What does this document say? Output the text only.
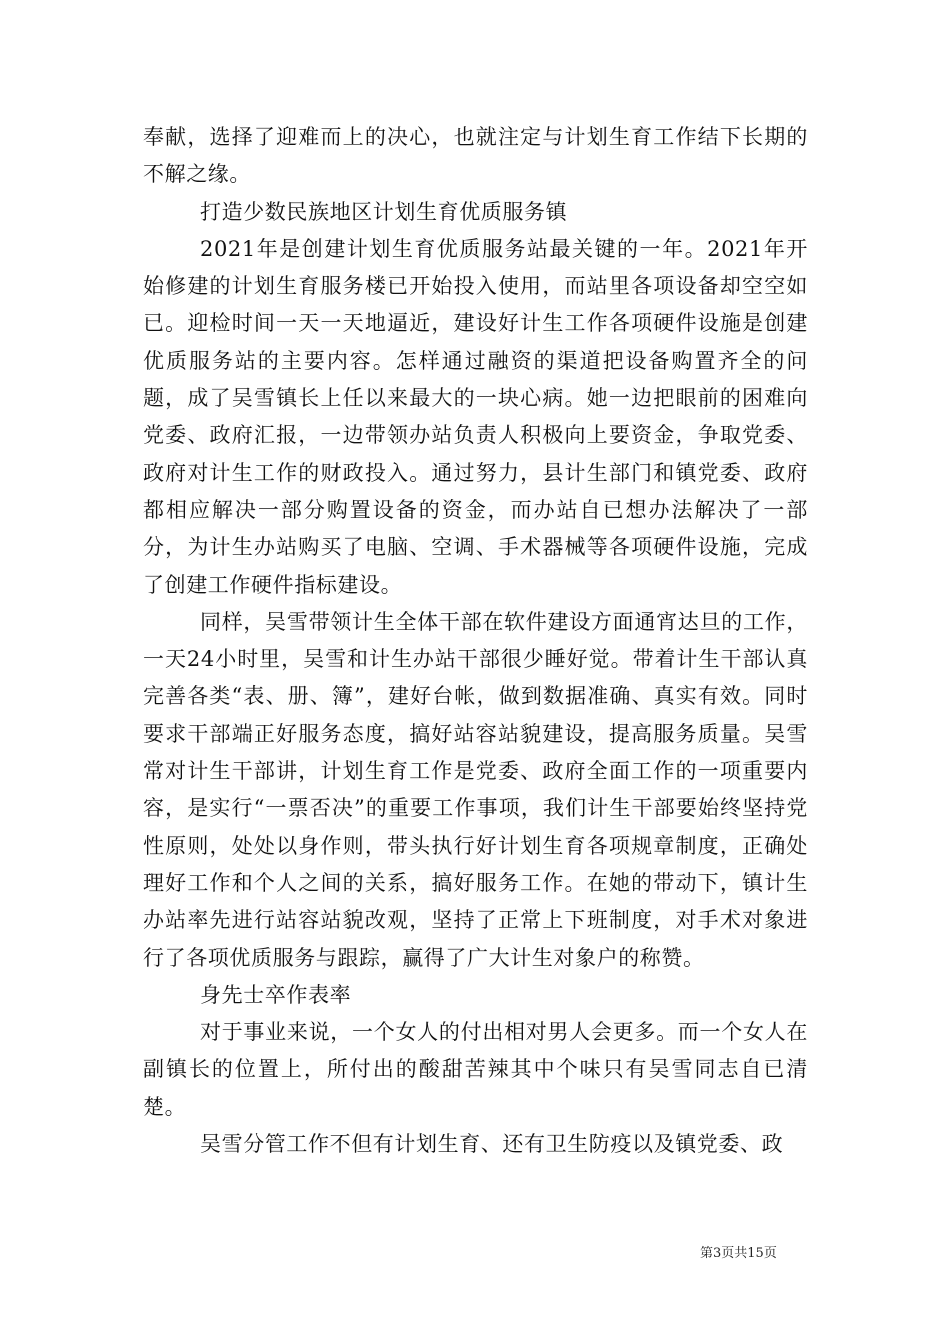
奉献，选择了迎难而上的决心，也就注定与计划生育工作结下长期的不解之缘。

打造少数民族地区计划生育优质服务镇

2021年是创建计划生育优质服务站最关键的一年。2021年开始修建的计划生育服务楼已开始投入使用，而站里各项设备却空空如已。迎检时间一天一天地逼近，建设好计生工作各项硬件设施是创建优质服务站的主要内容。怎样通过融资的渠道把设备购置齐全的问题，成了吴雪镇长上任以来最大的一块心病。她一边把眼前的困难向党委、政府汇报，一边带领办站负责人积极向上要资金，争取党委、政府对计生工作的财政投入。通过努力，县计生部门和镇党委、政府都相应解决一部分购置设备的资金，而办站自已想办法解决了一部分，为计生办站购买了电脑、空调、手术器械等各项硬件设施，完成了创建工作硬件指标建设。

同样，吴雪带领计生全体干部在软件建设方面通宵达旦的工作，一天24小时里，吴雪和计生办站干部很少睡好觉。带着计生干部认真完善各类“表、册、簿”，建好台帐，做到数据准确、真实有效。同时要求干部端正好服务态度，搞好站容站貌建设，提高服务质量。吴雪常对计生干部讲，计划生育工作是党委、政府全面工作的一项重要内容，是实行“一票否决”的重要工作事项，我们计生干部要始终坚持党性原则，处处以身作则，带头执行好计划生育各项规章制度，正确处理好工作和个人之间的关系，搞好服务工作。在她的带动下，镇计生办站率先进行站容站貌改观，坚持了正常上下班制度，对手术对象进行了各项优质服务与跟踪，赢得了广大计生对象户的称赞。

身先士卒作表率

对于事业来说，一个女人的付出相对男人会更多。而一个女人在副镇长的位置上，所付出的酸甜苦辣其中个味只有吴雪同志自已清楚。

吴雪分管工作不但有计划生育、还有卫生防疫以及镇党委、政

第3页共15页
